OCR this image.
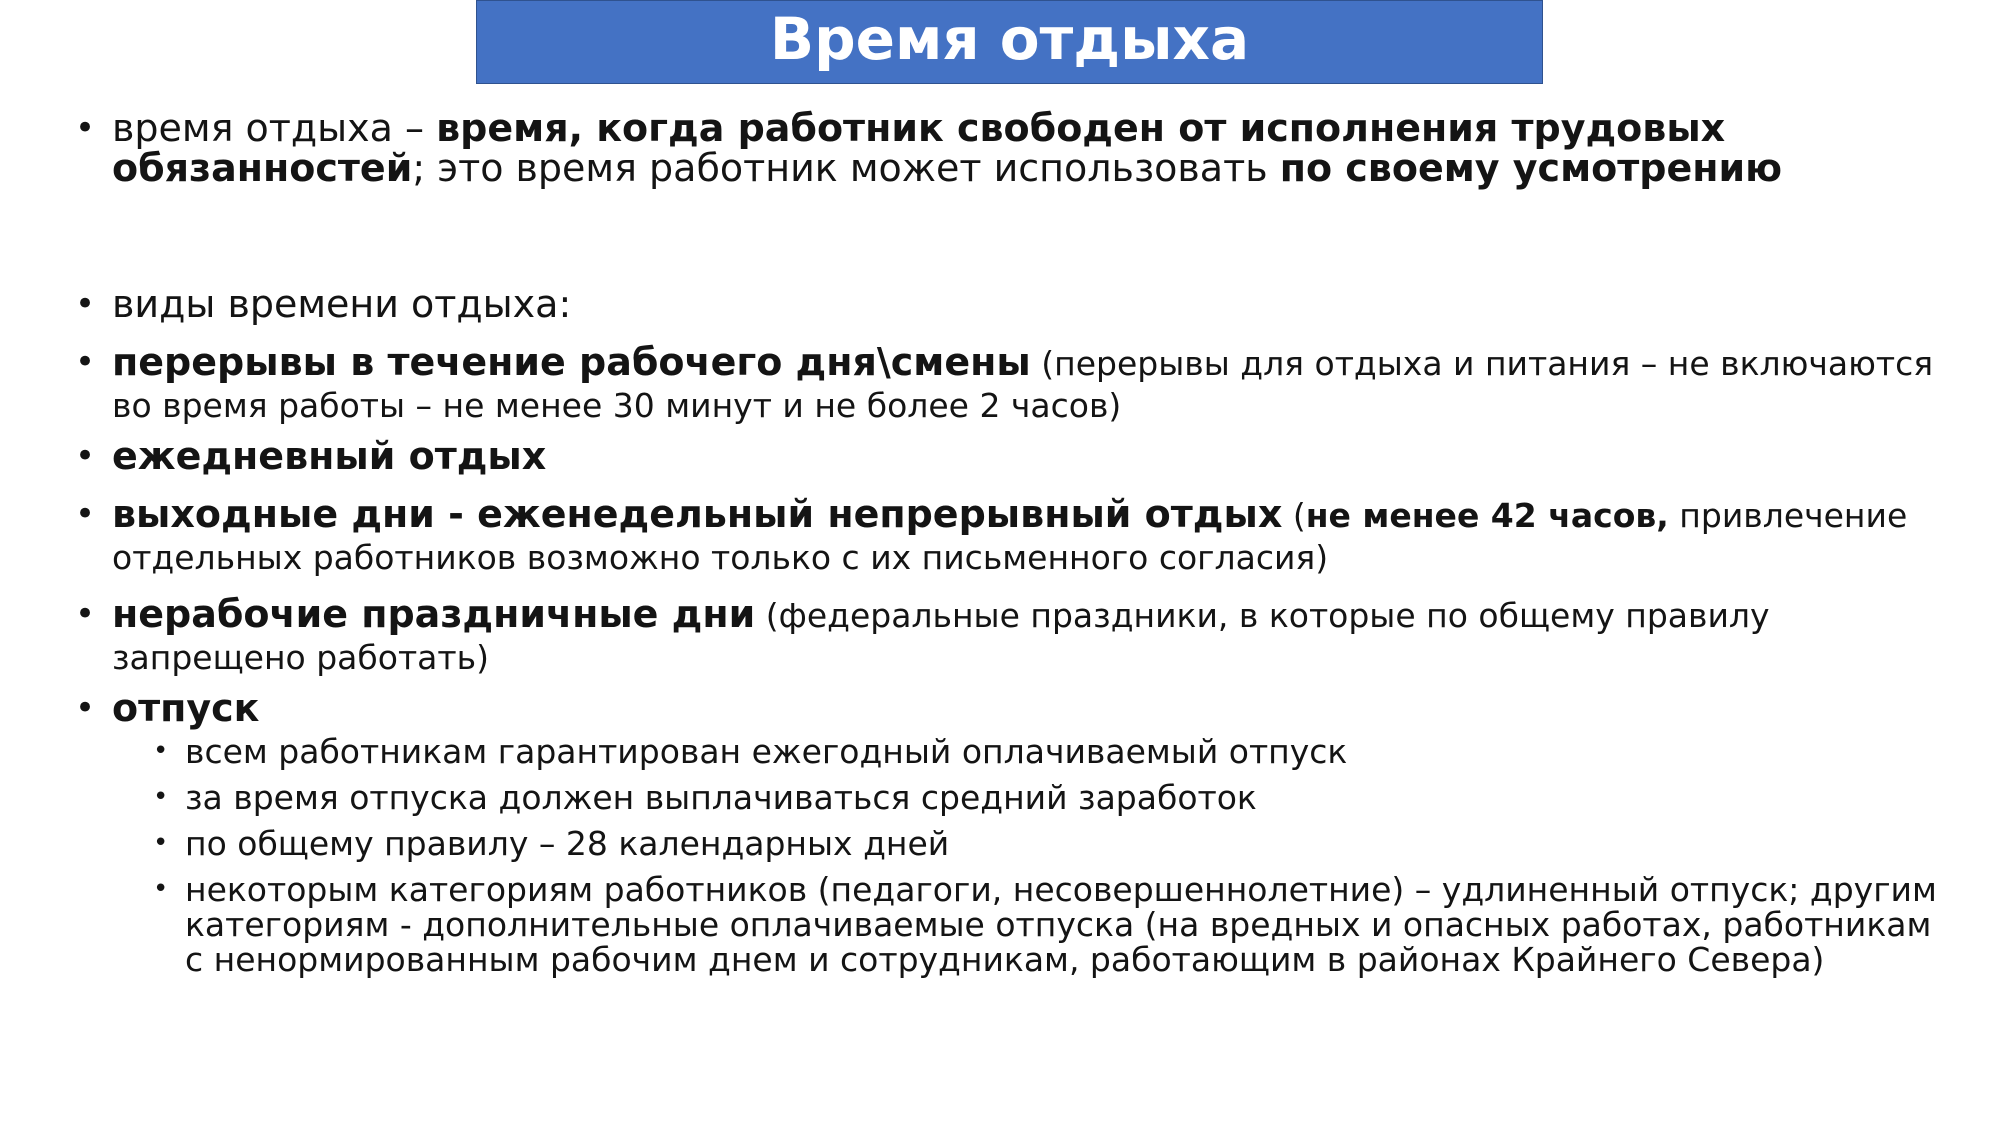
Время отдыха
• время отдыха – время, когда работник свободен от исполнения трудовых обязанностей; это время работник может использовать по своему усмотрению
• виды времени отдыха:
• перерывы в течение рабочего дня\смены (перерывы для отдыха и питания – не включаются во время работы – не менее 30 минут и не более 2 часов)
• ежедневный отдых
• выходные дни - еженедельный непрерывный отдых (не менее 42 часов, привлечение отдельных работников возможно только с их письменного согласия)
• нерабочие праздничные дни (федеральные праздники, в которые по общему правилу запрещено работать)
• отпуск
• всем работникам гарантирован ежегодный оплачиваемый отпуск
• за время отпуска должен выплачиваться средний заработок
• по общему правилу – 28 календарных дней
• некоторым категориям работников (педагоги, несовершеннолетние) – удлиненный отпуск; другим категориям - дополнительные оплачиваемые отпуска (на вредных и опасных работах, работникам с ненормированным рабочим днем и сотрудникам, работающим в районах Крайнего Севера)
